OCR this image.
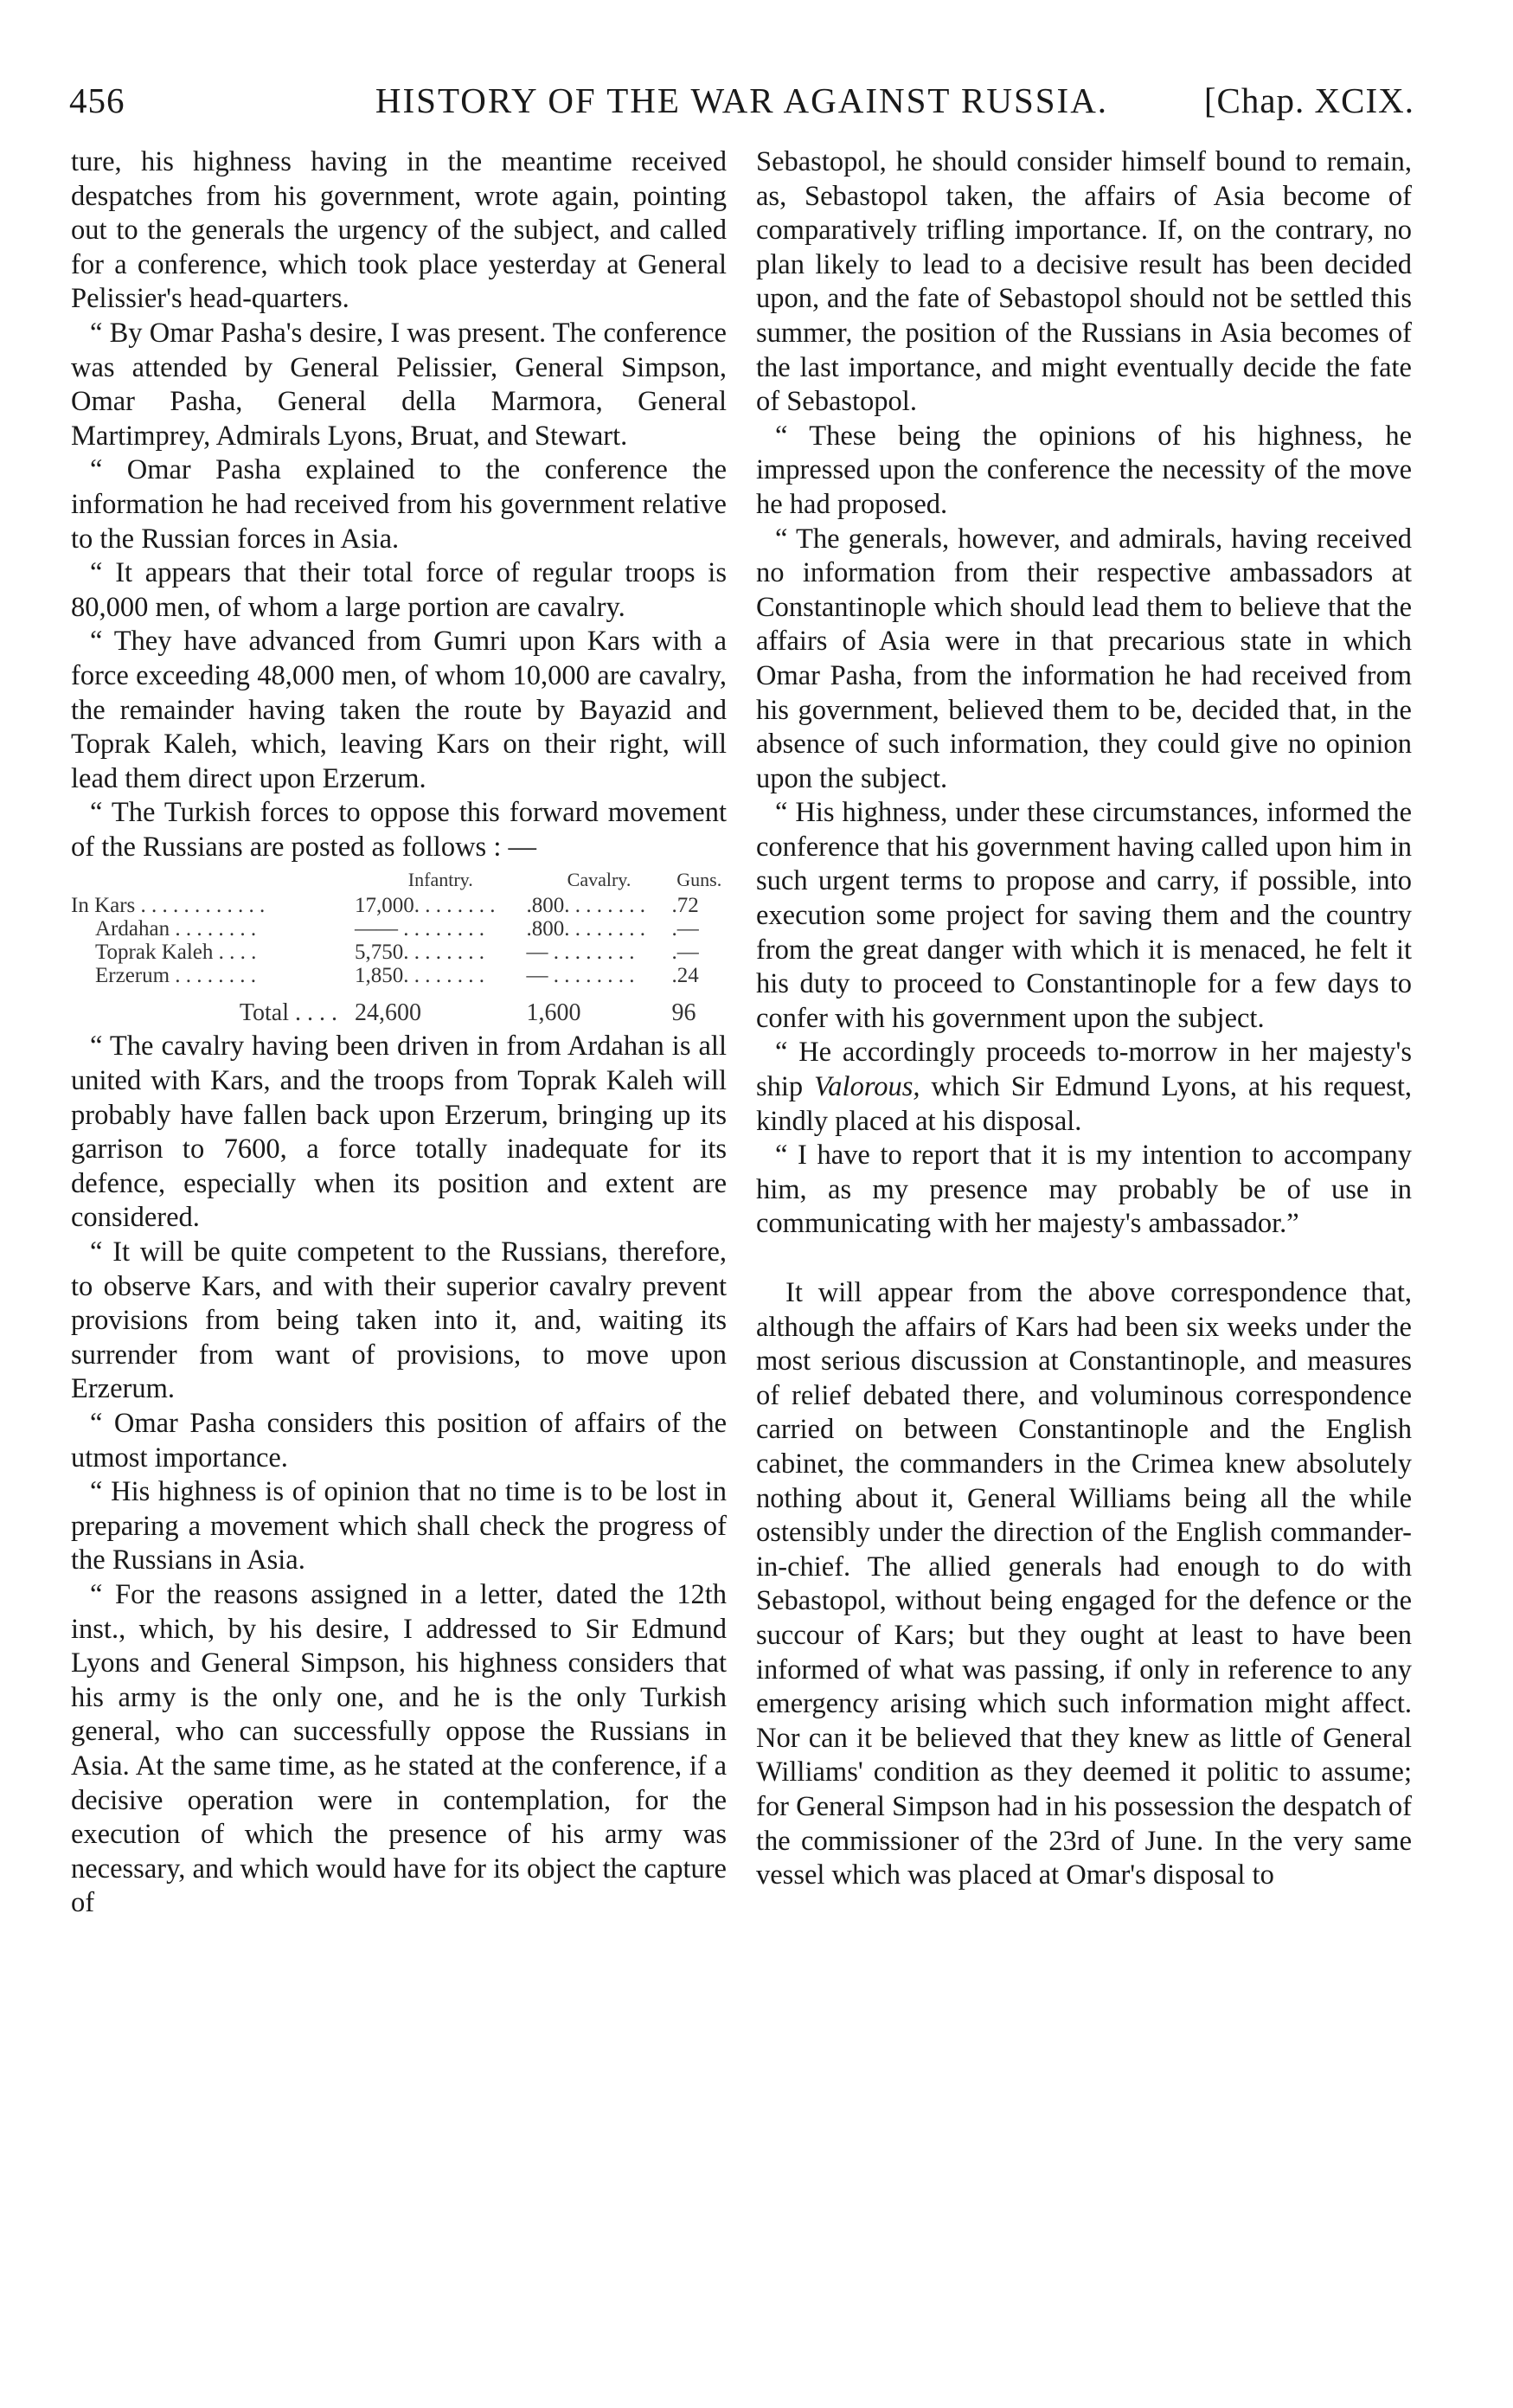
456	HISTORY OF THE WAR AGAINST RUSSIA.	[Chap. XCIX.

ture, his highness having in the meantime received despatches from his government, wrote again, pointing out to the generals the urgency of the subject, and called for a conference, which took place yesterday at General Pelissier's head-quarters.

“ By Omar Pasha's desire, I was present. The conference was attended by General Pelissier, General Simpson, Omar Pasha, General della Marmora, General Martimprey, Admirals Lyons, Bruat, and Stewart.

“ Omar Pasha explained to the conference the information he had received from his government relative to the Russian forces in Asia.

“ It appears that their total force of regular troops is 80,000 men, of whom a large portion are cavalry.

“ They have advanced from Gumri upon Kars with a force exceeding 48,000 men, of whom 10,000 are cavalry, the remainder having taken the route by Bayazid and Toprak Kaleh, which, leaving Kars on their right, will lead them direct upon Erzerum.

“ The Turkish forces to oppose this forward movement of the Russians are posted as follows : —

	Infantry.	Cavalry.	Guns.
In Kars . . . . . . . . . . . .	17,000. . . . . . . .	.800. . . . . . . .	.72
Ardahan . . . . . . . .	—— . . . . . . . .	.800. . . . . . . .	.—
Toprak Kaleh . . . .	5,750. . . . . . . .	— . . . . . . . .	.—
Erzerum . . . . . . . .	1,850. . . . . . . .	— . . . . . . . .	.24
Total . . . .	24,600	1,600	96

“ The cavalry having been driven in from Ardahan is all united with Kars, and the troops from Toprak Kaleh will probably have fallen back upon Erzerum, bringing up its garrison to 7600, a force totally inadequate for its defence, especially when its position and extent are considered.

“ It will be quite competent to the Russians, therefore, to observe Kars, and with their superior cavalry prevent provisions from being taken into it, and, waiting its surrender from want of provisions, to move upon Erzerum.

“ Omar Pasha considers this position of affairs of the utmost importance.

“ His highness is of opinion that no time is to be lost in preparing a movement which shall check the progress of the Russians in Asia.

“ For the reasons assigned in a letter, dated the 12th inst., which, by his desire, I addressed to Sir Edmund Lyons and General Simpson, his highness considers that his army is the only one, and he is the only Turkish general, who can successfully oppose the Russians in Asia. At the same time, as he stated at the conference, if a decisive operation were in contemplation, for the execution of which the presence of his army was necessary, and which would have for its object the capture of

Sebastopol, he should consider himself bound to remain, as, Sebastopol taken, the affairs of Asia become of comparatively trifling importance. If, on the contrary, no plan likely to lead to a decisive result has been decided upon, and the fate of Sebastopol should not be settled this summer, the position of the Russians in Asia becomes of the last importance, and might eventually decide the fate of Sebastopol.

“ These being the opinions of his highness, he impressed upon the conference the necessity of the move he had proposed.

“ The generals, however, and admirals, having received no information from their respective ambassadors at Constantinople which should lead them to believe that the affairs of Asia were in that precarious state in which Omar Pasha, from the information he had received from his government, believed them to be, decided that, in the absence of such information, they could give no opinion upon the subject.

“ His highness, under these circumstances, informed the conference that his government having called upon him in such urgent terms to propose and carry, if possible, into execution some project for saving them and the country from the great danger with which it is menaced, he felt it his duty to proceed to Constantinople for a few days to confer with his government upon the subject.

“ He accordingly proceeds to-morrow in her majesty's ship Valorous, which Sir Edmund Lyons, at his request, kindly placed at his disposal.

“ I have to report that it is my intention to accompany him, as my presence may probably be of use in communicating with her majesty's ambassador.”

It will appear from the above correspondence that, although the affairs of Kars had been six weeks under the most serious discussion at Constantinople, and measures of relief debated there, and voluminous correspondence carried on between Constantinople and the English cabinet, the commanders in the Crimea knew absolutely nothing about it, General Williams being all the while ostensibly under the direction of the English commander-in-chief. The allied generals had enough to do with Sebastopol, without being engaged for the defence or the succour of Kars; but they ought at least to have been informed of what was passing, if only in reference to any emergency arising which such information might affect. Nor can it be believed that they knew as little of General Williams' condition as they deemed it politic to assume; for General Simpson had in his possession the despatch of the commissioner of the 23rd of June. In the very same vessel which was placed at Omar's disposal to
